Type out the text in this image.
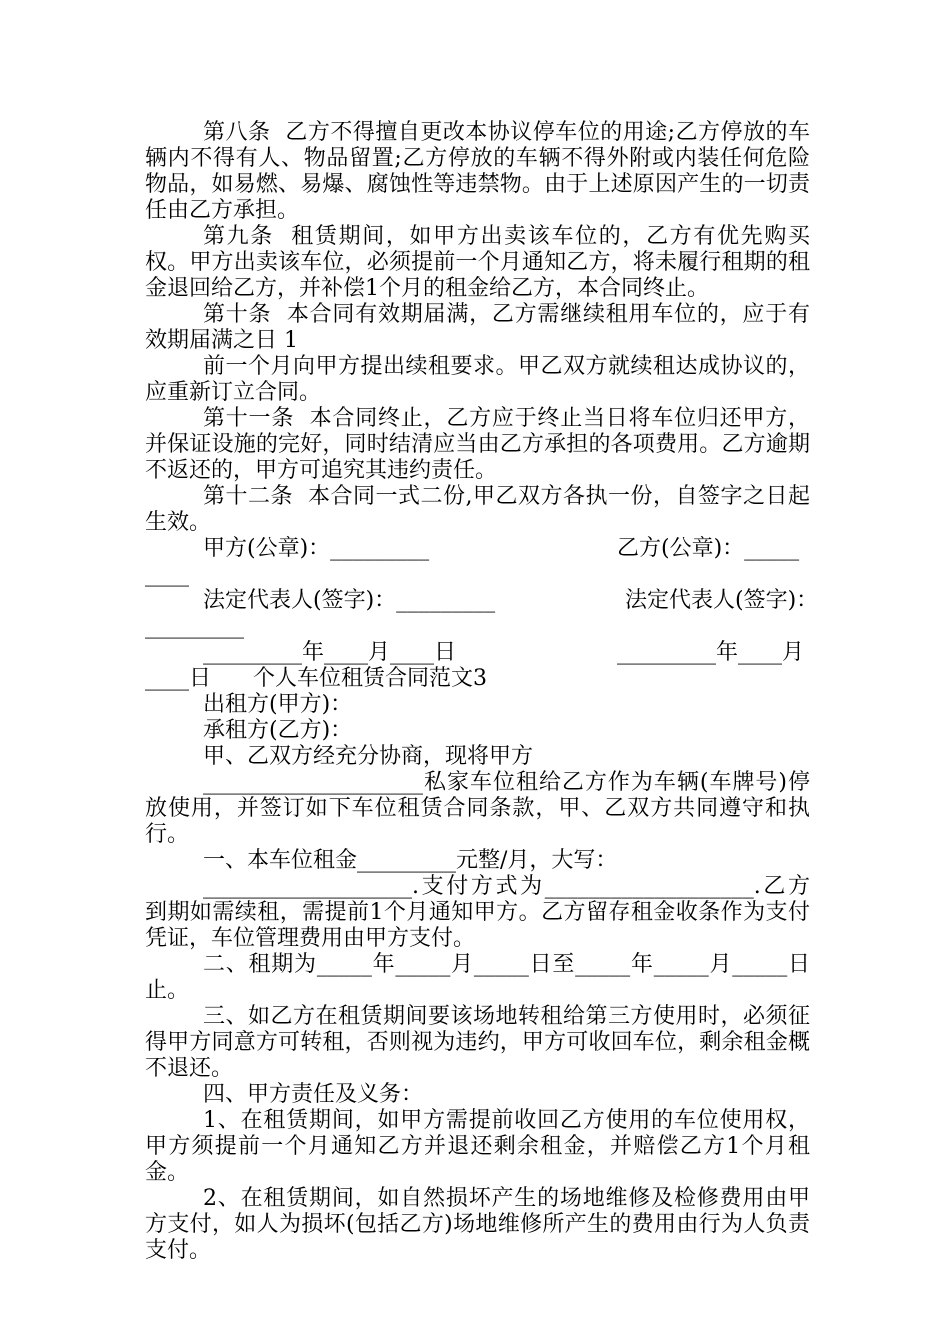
第八条  乙方不得擅自更改本协议停车位的用途;乙方停放的车辆内不得有人、物品留置;乙方停放的车辆不得外附或内装任何危险物品，如易燃、易爆、腐蚀性等违禁物。由于上述原因产生的一切责任由乙方承担。

第九条  租赁期间，如甲方出卖该车位的，乙方有优先购买权。甲方出卖该车位，必须提前一个月通知乙方，将未履行租期的租金退回给乙方，并补偿1个月的租金给乙方，本合同终止。

第十条  本合同有效期届满，乙方需继续租用车位的，应于有效期届满之日 1

前一个月向甲方提出续租要求。甲乙双方就续租达成协议的，应重新订立合同。

第十一条  本合同终止，乙方应于终止当日将车位归还甲方，并保证设施的完好，同时结清应当由乙方承担的各项费用。乙方逾期不返还的，甲方可追究其违约责任。

第十二条  本合同一式二份,甲乙双方各执一份，自签字之日起生效。

甲方(公章)：_________

	乙方(公章)：_____

____

法定代表人(签字)：_________

	法定代表人(签字)：

_________

_________年____月____日

	_________年____月

____日      个人车位租赁合同范文3

出租方(甲方)：

承租方(乙方)：

甲、乙双方经充分协商，现将甲方

____________________私家车位租给乙方作为车辆(车牌号)停放使用，并签订如下车位租赁合同条款，甲、乙双方共同遵守和执行。

一、本车位租金_________元整/月，大写：

___________________.支付方式为___________________.乙方到期如需续租，需提前1个月通知甲方。乙方留存租金收条作为支付凭证，车位管理费用由甲方支付。

二、租期为_____年_____月_____日至_____年_____月_____日止。

三、如乙方在租赁期间要该场地转租给第三方使用时，必须征得甲方同意方可转租，否则视为违约，甲方可收回车位，剩余租金概不退还。

四、甲方责任及义务：

1、在租赁期间，如甲方需提前收回乙方使用的车位使用权，甲方须提前一个月通知乙方并退还剩余租金，并赔偿乙方1个月租金。

2、在租赁期间，如自然损坏产生的场地维修及检修费用由甲方支付，如人为损坏(包括乙方)场地维修所产生的费用由行为人负责支付。
